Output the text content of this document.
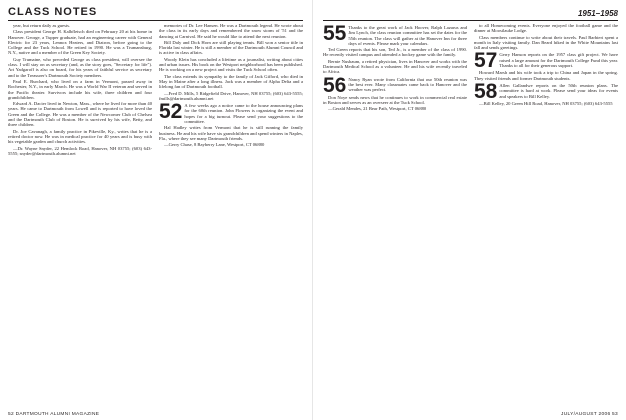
CLASS NOTES

year, but return daily as guests.

Class president George H. Kalbfleisch died on February 20 at his home in Hanover. George, a Tupper graduate, had an engineering career with General Electric for 23 years, Lennox Heaters, and Diatron, before going to the College and the Tuck School. He retired in 1990. He was a Trumansburg, N.Y., native and a member of the Green Key Society.

Guy Trumaine, who preceded George as class president, will oversee the class. I will stay on as secretary (and, as the story goes, "Secretary for life"). Art Yadgaroff is also on board, for his years of faithful service as secretary and to the Treasurer's Dartmouth Society members.

Paul E. Burchard, who lived on a farm in Vermont, passed away in Rochester, N.Y., in early March. He was a World War II veteran and served in the Pacific theater. Survivors include his wife, three children and four grandchildren.

Edward A. Dacier lived in Newton, Mass., where he lived for more than 40 years. He came to Dartmouth from Lowell and is reported to have loved the Green and the College. He was a member of the Newcomer Club of Chelsea and the Dartmouth Club of Boston. He is survived by his wife, Betty, and three children.

Dr. Joe Cavanagh, a family practice in Pikeville, Ky., writes that he is a retired doctor now. He was in medical practice for 40 years and is busy with his vegetable garden and church activities.

—Dr. Wayne Snyder, 22 Hemlock Road, Hanover, NH 03755; (603) 643-5555; snyder@dartmouth.alumni.net

memories of Dr. Lee Hansen. He was a Dartmouth legend. He wrote about the class in its early days and remembered the snow storm of '51 and the dancing at Carnival. He said he would like to attend the next reunion.

Bill Daly and Dick Horn are still playing tennis. Bill won a senior title in Florida last winter. He is still a member of the Dartmouth Alumni Council and is active in class affairs.

Woody Klein has concluded a lifetime as a journalist, writing about cities and urban issues. His book on the Westport neighborhood has been published. He is working on a new project and visits the Tuck School often.

The class extends its sympathy to the family of Jack Gifford, who died in May in Maine after a long illness. Jack was a member of Alpha Delta and a lifelong fan of Dartmouth football.

—Fred D. Mills, 5 Ridgefield Drive, Hanover, NH 03755; (603) 643-5555; fmills@dartmouth.alumni.net

52 A few weeks ago a notice came to the house announcing plans for the 60th reunion. John Flowers is organizing the event and hopes for a big turnout. Please send your suggestions to the committee.

Hal Hadley writes from Vermont that he is still running the family business. He and his wife have six grandchildren and spend winters in Naples, Fla., where they see many Dartmouth friends.

—Gerry Chase, 8 Bayberry Lane, Westport, CT 06880

52 DARTMOUTH ALUMNI MAGAZINE
1951–1958
55 Thanks to the great work of Jack Hoover, Ralph Lazarus and Jim Lynch, the class reunion committee has set the dates for the 55th reunion. The class will gather at the Hanover Inn for three days of events. Please mark your calendars.

Ted Green reports that his son, Ted Jr., is a member of the class of 1990. He recently visited campus and attended a hockey game with the family.

Bernie Nusbaum, a retired physician, lives in Hanover and works with the Dartmouth Medical School as a volunteer. He and his wife recently traveled to Africa.

56 Nancy Ryan wrote from California that our 50th reunion was the best ever. Many classmates came back to Hanover and the weather was perfect.

Don Noye sends news that he continues to work in commercial real estate in Boston and serves as an overseer at the Tuck School.

—Gerald Mendes, 21 Bear Path, Westport, CT 06880

to all Homecoming events. Everyone enjoyed the football game and the dinner at Moosilauke Lodge.

Class members continue to write about their travels. Paul Barbieri spent a month in Italy visiting family. Dan Beard hiked in the White Mountains last fall and sends greetings.

57 Gerry Hanson reports on the 1957 class gift project. We have raised a large amount for the Dartmouth College Fund this year. Thanks to all for their generous support.

Howard Marsh and his wife took a trip to China and Japan in the spring. They visited friends and former Dartmouth students.

58 Allen Gallandwe reports on the 50th reunion plans. The committee is hard at work. Please send your ideas for events and speakers to Bill Kelley.

—Bill Kelley, 20 Green Hill Road, Hanover, NH 03755; (603) 643-5555

JULY/AUGUST 2006 53
